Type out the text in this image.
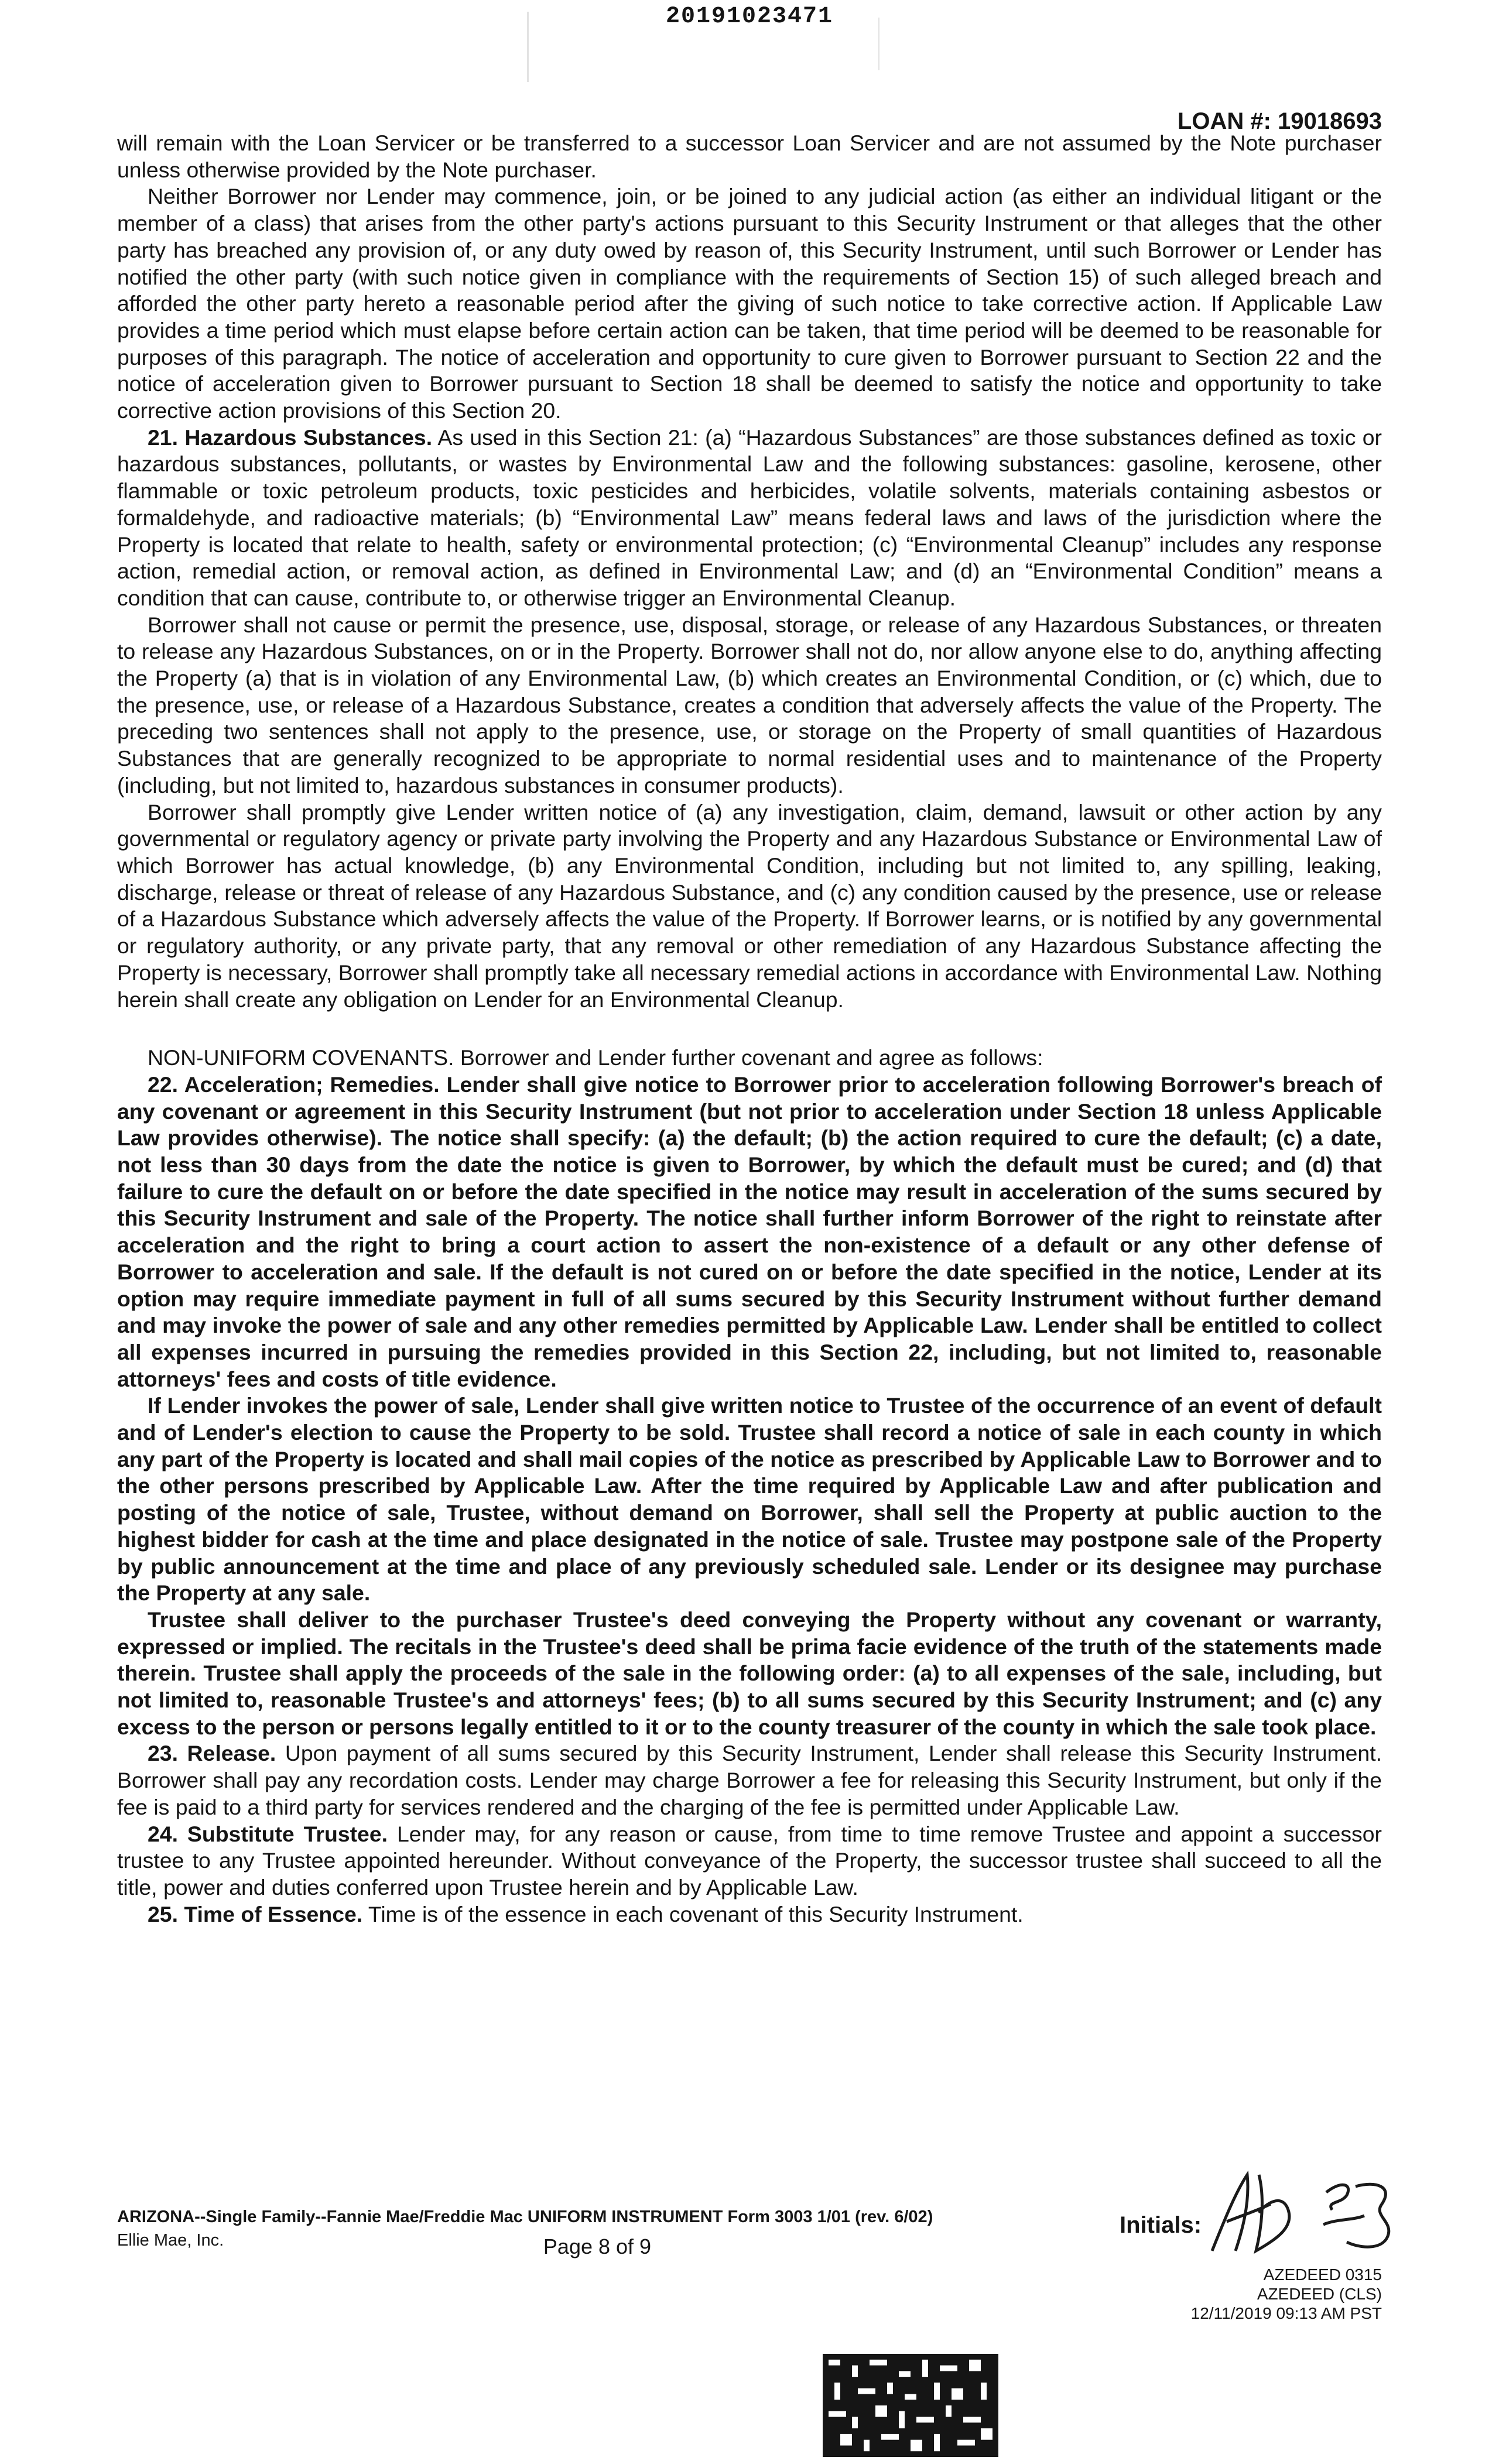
20191023471
LOAN #: 19018693

will remain with the Loan Servicer or be transferred to a successor Loan Servicer and are not assumed by the Note purchaser unless otherwise provided by the Note purchaser.

Neither Borrower nor Lender may commence, join, or be joined to any judicial action (as either an individual litigant or the member of a class) that arises from the other party's actions pursuant to this Security Instrument or that alleges that the other party has breached any provision of, or any duty owed by reason of, this Security Instrument, until such Borrower or Lender has notified the other party (with such notice given in compliance with the requirements of Section 15) of such alleged breach and afforded the other party hereto a reasonable period after the giving of such notice to take corrective action. If Applicable Law provides a time period which must elapse before certain action can be taken, that time period will be deemed to be reasonable for purposes of this paragraph. The notice of acceleration and opportunity to cure given to Borrower pursuant to Section 22 and the notice of acceleration given to Borrower pursuant to Section 18 shall be deemed to satisfy the notice and opportunity to take corrective action provisions of this Section 20.

21. Hazardous Substances. As used in this Section 21: (a) “Hazardous Substances” are those substances defined as toxic or hazardous substances, pollutants, or wastes by Environmental Law and the following substances: gasoline, kerosene, other flammable or toxic petroleum products, toxic pesticides and herbicides, volatile solvents, materials containing asbestos or formaldehyde, and radioactive materials; (b) “Environmental Law” means federal laws and laws of the jurisdiction where the Property is located that relate to health, safety or environmental protection; (c) “Environmental Cleanup” includes any response action, remedial action, or removal action, as defined in Environmental Law; and (d) an “Environmental Condition” means a condition that can cause, contribute to, or otherwise trigger an Environmental Cleanup.

Borrower shall not cause or permit the presence, use, disposal, storage, or release of any Hazardous Substances, or threaten to release any Hazardous Substances, on or in the Property. Borrower shall not do, nor allow anyone else to do, anything affecting the Property (a) that is in violation of any Environmental Law, (b) which creates an Environmental Condition, or (c) which, due to the presence, use, or release of a Hazardous Substance, creates a condition that adversely affects the value of the Property. The preceding two sentences shall not apply to the presence, use, or storage on the Property of small quantities of Hazardous Substances that are generally recognized to be appropriate to normal residential uses and to maintenance of the Property (including, but not limited to, hazardous substances in consumer products).

Borrower shall promptly give Lender written notice of (a) any investigation, claim, demand, lawsuit or other action by any governmental or regulatory agency or private party involving the Property and any Hazardous Substance or Environmental Law of which Borrower has actual knowledge, (b) any Environmental Condition, including but not limited to, any spilling, leaking, discharge, release or threat of release of any Hazardous Substance, and (c) any condition caused by the presence, use or release of a Hazardous Substance which adversely affects the value of the Property. If Borrower learns, or is notified by any governmental or regulatory authority, or any private party, that any removal or other remediation of any Hazardous Substance affecting the Property is necessary, Borrower shall promptly take all necessary remedial actions in accordance with Environmental Law. Nothing herein shall create any obligation on Lender for an Environmental Cleanup.

NON-UNIFORM COVENANTS. Borrower and Lender further covenant and agree as follows:

22. Acceleration; Remedies. Lender shall give notice to Borrower prior to acceleration following Borrower's breach of any covenant or agreement in this Security Instrument (but not prior to acceleration under Section 18 unless Applicable Law provides otherwise). The notice shall specify: (a) the default; (b) the action required to cure the default; (c) a date, not less than 30 days from the date the notice is given to Borrower, by which the default must be cured; and (d) that failure to cure the default on or before the date specified in the notice may result in acceleration of the sums secured by this Security Instrument and sale of the Property. The notice shall further inform Borrower of the right to reinstate after acceleration and the right to bring a court action to assert the non-existence of a default or any other defense of Borrower to acceleration and sale. If the default is not cured on or before the date specified in the notice, Lender at its option may require immediate payment in full of all sums secured by this Security Instrument without further demand and may invoke the power of sale and any other remedies permitted by Applicable Law. Lender shall be entitled to collect all expenses incurred in pursuing the remedies provided in this Section 22, including, but not limited to, reasonable attorneys' fees and costs of title evidence.

If Lender invokes the power of sale, Lender shall give written notice to Trustee of the occurrence of an event of default and of Lender's election to cause the Property to be sold. Trustee shall record a notice of sale in each county in which any part of the Property is located and shall mail copies of the notice as prescribed by Applicable Law to Borrower and to the other persons prescribed by Applicable Law. After the time required by Applicable Law and after publication and posting of the notice of sale, Trustee, without demand on Borrower, shall sell the Property at public auction to the highest bidder for cash at the time and place designated in the notice of sale. Trustee may postpone sale of the Property by public announcement at the time and place of any previously scheduled sale. Lender or its designee may purchase the Property at any sale.

Trustee shall deliver to the purchaser Trustee's deed conveying the Property without any covenant or warranty, expressed or implied. The recitals in the Trustee's deed shall be prima facie evidence of the truth of the statements made therein. Trustee shall apply the proceeds of the sale in the following order: (a) to all expenses of the sale, including, but not limited to, reasonable Trustee's and attorneys' fees; (b) to all sums secured by this Security Instrument; and (c) any excess to the person or persons legally entitled to it or to the county treasurer of the county in which the sale took place.

23. Release. Upon payment of all sums secured by this Security Instrument, Lender shall release this Security Instrument. Borrower shall pay any recordation costs. Lender may charge Borrower a fee for releasing this Security Instrument, but only if the fee is paid to a third party for services rendered and the charging of the fee is permitted under Applicable Law.

24. Substitute Trustee. Lender may, for any reason or cause, from time to time remove Trustee and appoint a successor trustee to any Trustee appointed hereunder. Without conveyance of the Property, the successor trustee shall succeed to all the title, power and duties conferred upon Trustee herein and by Applicable Law.

25. Time of Essence. Time is of the essence in each covenant of this Security Instrument.

ARIZONA--Single Family--Fannie Mae/Freddie Mac UNIFORM INSTRUMENT Form 3003 1/01 (rev. 6/02)
Ellie Mae, Inc.	Page 8 of 9
Initials:
AZEDEED 0315
AZEDEED (CLS)
12/11/2019 09:13 AM PST
